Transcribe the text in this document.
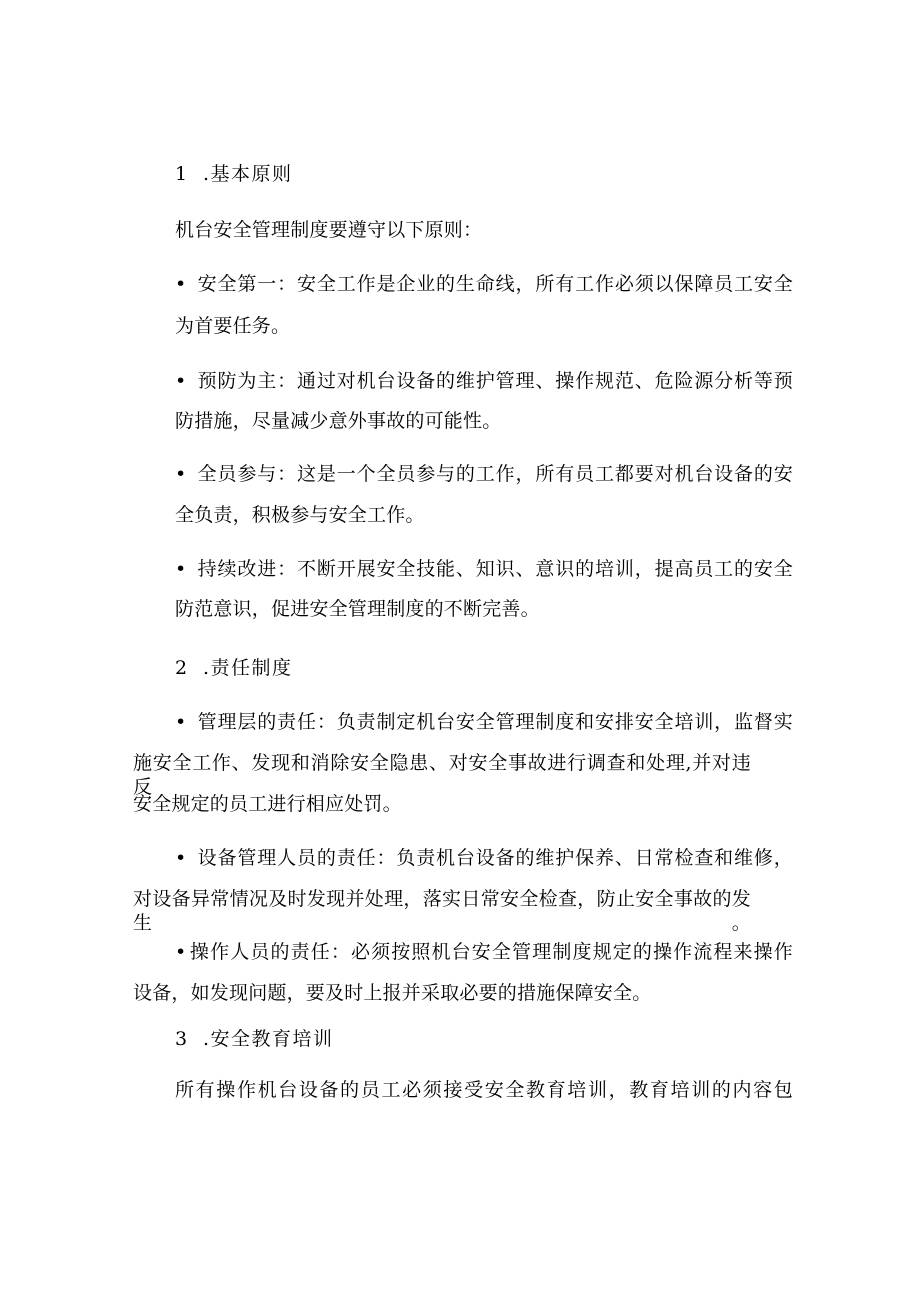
1 .基本原则
机台安全管理制度要遵守以下原则：
• 安全第一：安全工作是企业的生命线，所有工作必须以保障员工安全
为首要任务。
• 预防为主：通过对机台设备的维护管理、操作规范、危险源分析等预
防措施，尽量减少意外事故的可能性。
• 全员参与：这是一个全员参与的工作，所有员工都要对机台设备的安
全负责，积极参与安全工作。
• 持续改进：不断开展安全技能、知识、意识的培训，提高员工的安全
防范意识，促进安全管理制度的不断完善。
2 .责任制度
• 管理层的责任：负责制定机台安全管理制度和安排安全培训，监督实
施安全工作、发现和消除安全隐患、对安全事故进行调查和处理,并对违反
安全规定的员工进行相应处罚。
• 设备管理人员的责任：负责机台设备的维护保养、日常检查和维修，
对设备异常情况及时发现并处理，落实日常安全检查，防止安全事故的发生。
• 操作人员的责任：必须按照机台安全管理制度规定的操作流程来操作
设备，如发现问题，要及时上报并采取必要的措施保障安全。
3 .安全教育培训
所有操作机台设备的员工必须接受安全教育培训，教育培训的内容包
